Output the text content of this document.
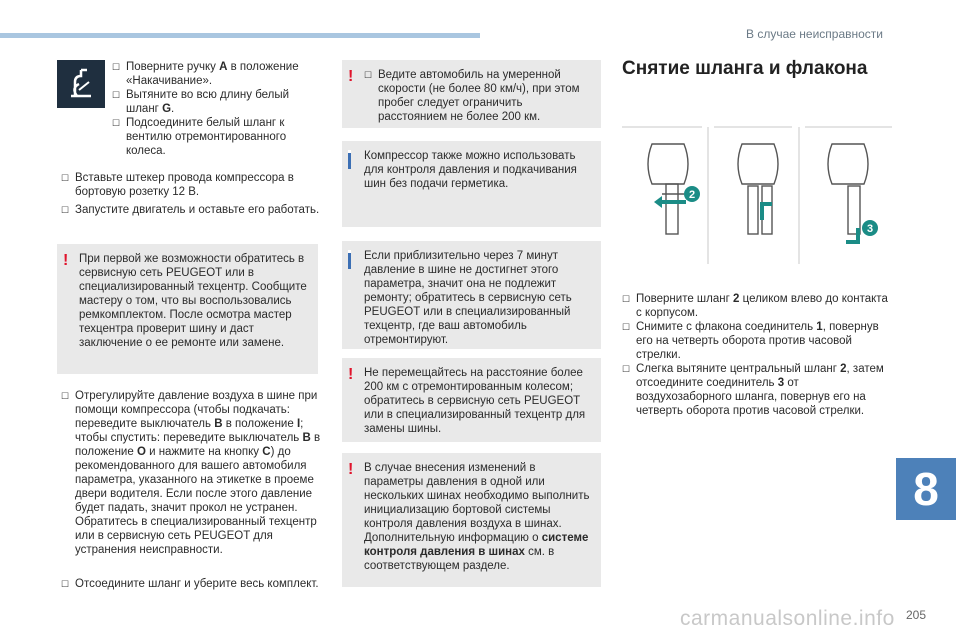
В случае неисправности
☐ Поверните ручку A в положение «Накачивание».
☐ Вытяните во всю длину белый шланг G.
☐ Подсоедините белый шланг к вентилю отремонтированного колеса.
☐ Вставьте штекер провода компрессора в бортовую розетку 12 В.
☐ Запустите двигатель и оставьте его работать.
! При первой же возможности обратитесь в сервисную сеть PEUGEOT или в специализированный техцентр. Сообщите мастеру о том, что вы воспользовались ремкомплектом. После осмотра мастер техцентра проверит шину и даст заключение о ее ремонте или замене.
☐ Отрегулируйте давление воздуха в шине при помощи компрессора (чтобы подкачать: переведите выключатель B в положение I; чтобы спустить: переведите выключатель B в положение O и нажмите на кнопку C) до рекомендованного для вашего автомобиля параметра, указанного на этикетке в проеме двери водителя. Если после этого давление будет падать, значит прокол не устранен. Обратитесь в специализированный техцентр или в сервисную сеть PEUGEOT для устранения неисправности.
☐ Отсоедините шланг и уберите весь комплект.
! ☐ Ведите автомобиль на умеренной скорости (не более 80 км/ч), при этом пробег следует ограничить расстоянием не более 200 км.
Компрессор также можно использовать для контроля давления и подкачивания шин без подачи герметика.
Если приблизительно через 7 минут давление в шине не достигнет этого параметра, значит она не подлежит ремонту; обратитесь в сервисную сеть PEUGEOT или в специализированный техцентр, где ваш автомобиль отремонтируют.
! Не перемещайтесь на расстояние более 200 км с отремонтированным колесом; обратитесь в сервисную сеть PEUGEOT или в специализированный техцентр для замены шины.
! В случае внесения изменений в параметры давления в одной или нескольких шинах необходимо выполнить инициализацию бортовой системы контроля давления воздуха в шинах. Дополнительную информацию о системе контроля давления в шинах см. в соответствующем разделе.
Снятие шланга и флакона
2
3
☐ Поверните шланг 2 целиком влево до контакта с корпусом.
☐ Снимите с флакона соединитель 1, повернув его на четверть оборота против часовой стрелки.
☐ Слегка вытяните центральный шланг 2, затем отсоедините соединитель 3 от воздухозаборного шланга, повернув его на четверть оборота против часовой стрелки.
8
205
carmanualsonline.info
